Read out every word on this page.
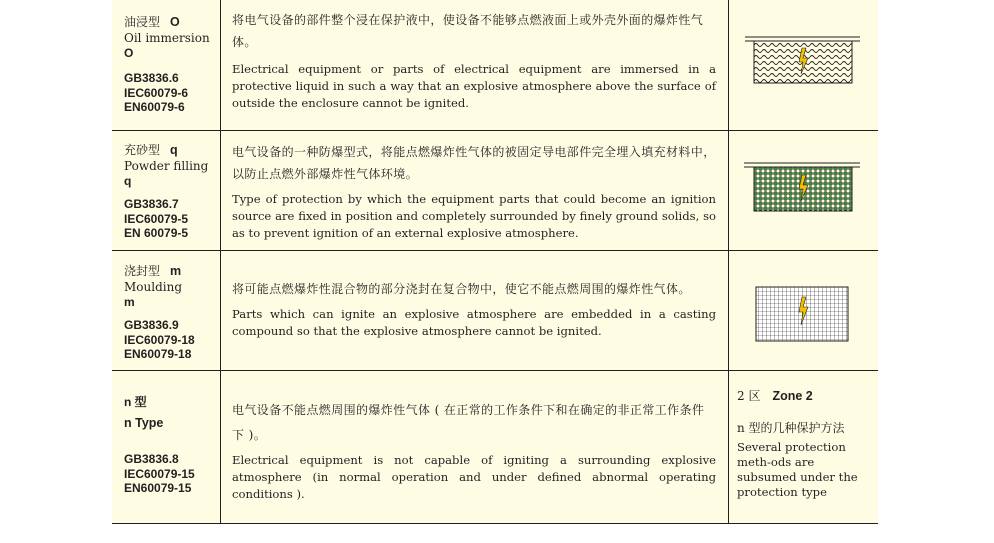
油浸型 O
Oil immersion
O
GB3836.6
IEC60079-6
EN60079-6
将电气设备的部件整个浸在保护液中，使设备不能够点燃液面上或外壳外面的爆炸性气体。
Electrical equipment or parts of electrical equipment are immersed in a protective liquid in such a way that an explosive atmosphere above the surface of outside the enclosure cannot be ignited.
充砂型 q
Powder filling
q
GB3836.7
IEC60079-5
EN 60079-5
电气设备的一种防爆型式，将能点燃爆炸性气体的被固定导电部件完全埋入填充材料中，以防止点燃外部爆炸性气体环境。
Type of protection by which the equipment parts that could become an ignition source are fixed in position and completely surrounded by finely ground solids, so as to prevent ignition of an external explosive atmosphere.
浇封型 m
Moulding
m
GB3836.9
IEC60079-18
EN60079-18
将可能点燃爆炸性混合物的部分浇封在复合物中，使它不能点燃周围的爆炸性气体。
Parts which can ignite an explosive atmosphere are embedded in a casting compound so that the explosive atmosphere cannot be ignited.
n 型
n Type
GB3836.8
IEC60079-15
EN60079-15
电气设备不能点燃周围的爆炸性气体 ( 在正常的工作条件下和在确定的非正常工作条件下 )。
Electrical equipment is not capable of igniting a surrounding explosive atmosphere (in normal operation and under defined abnormal operating conditions ).
2 区 Zone 2
n 型的几种保护方法
Several protection meth-ods are subsumed under the protection type
